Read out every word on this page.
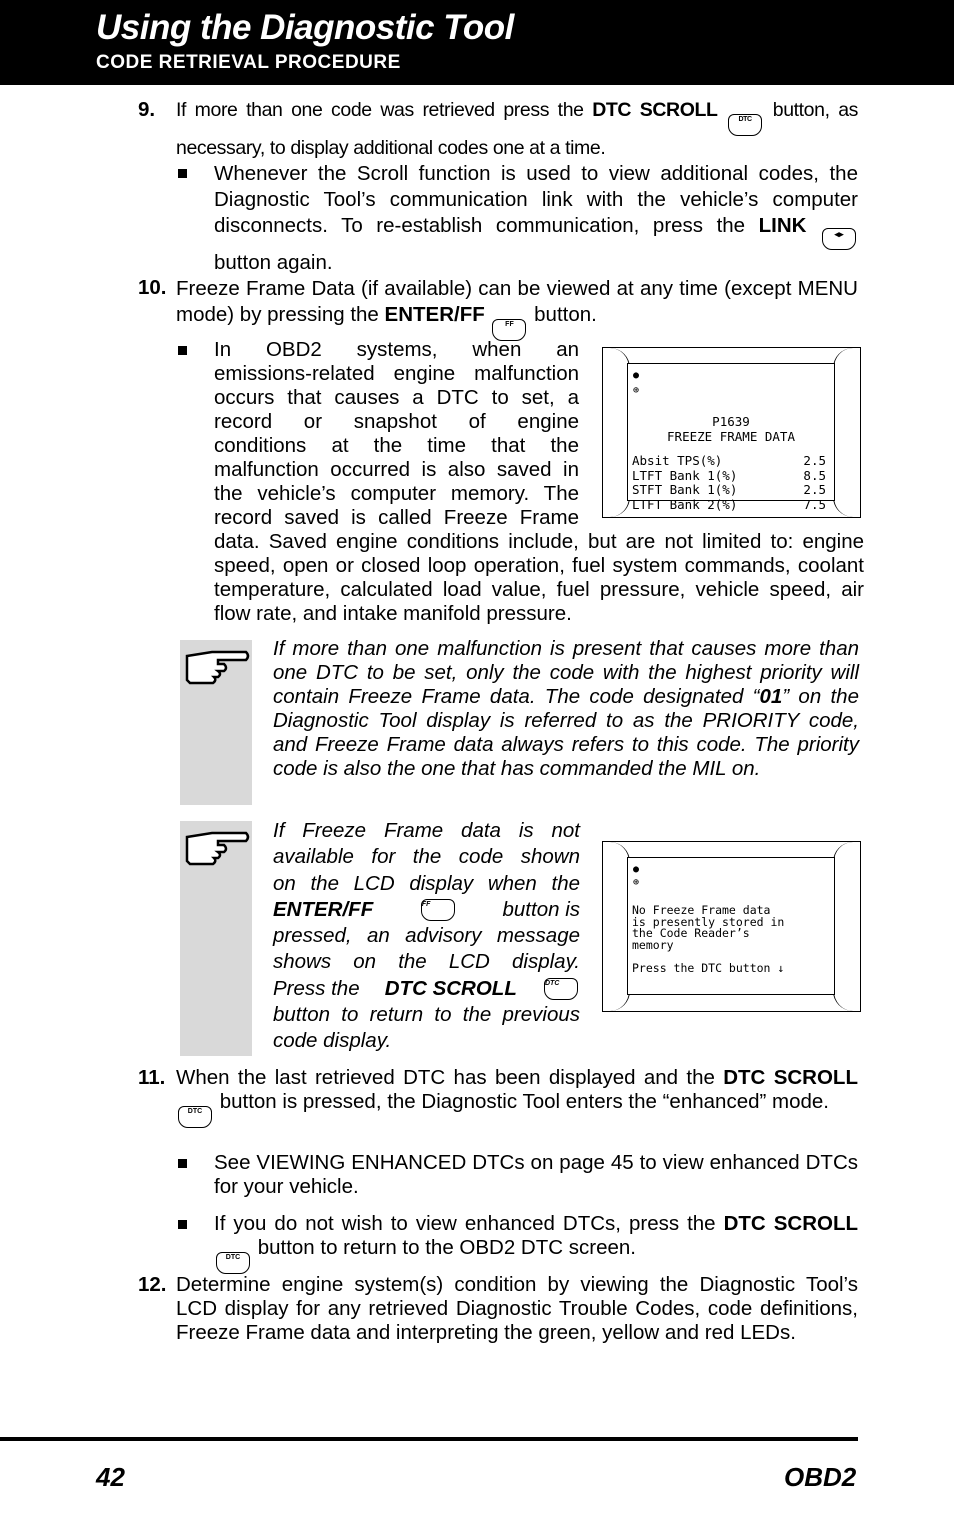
Using the Diagnostic Tool
CODE RETRIEVAL PROCEDURE
9. If more than one code was retrieved press the DTC SCROLL	DTC button, as necessary, to display additional codes one at a time.
Whenever the Scroll function is used to view additional codes, the Diagnostic Tool’s communication link with the vehicle’s computer disconnects. To re-establish communication, press the LINK	◂▸ button again.
10. Freeze Frame Data (if available) can be viewed at any time (except MENU mode) by pressing the ENTER/FF	FF button.
In OBD2 systems, when an
emissions-related engine malfunction
occurs that causes a DTC to set, a
record or snapshot of engine
conditions at the time that the
malfunction occurred is also saved in
the vehicle’s computer memory. The
record saved is called Freeze Frame
data. Saved engine conditions include, but are not limited to: engine speed, open or closed loop operation, fuel system commands, coolant temperature, calculated load value, fuel pressure, vehicle speed, air flow rate, and intake manifold pressure.
●
⊕
P1639
FREEZE FRAME DATA
Absit TPS(%)	2.5
LTFT Bank 1(%)	8.5
STFT Bank 1(%)	2.5
LTFT Bank 2(%)	7.5
If more than one malfunction is present that causes more than one DTC to be set, only the code with the highest priority will contain Freeze Frame data. The code designated “01” on the Diagnostic Tool display is referred to as the PRIORITY code, and Freeze Frame data always refers to this code. The priority code is also the one that has commanded the MIL on.
If Freeze Frame data is not
available for the code shown
on the LCD display when the
ENTER/FF	FF	button is
pressed, an advisory message
shows on the LCD display.
Press the DTC SCROLL	DTC
button to return to the previous
code display.
●
⊕
No Freeze Frame data
is presently stored in
the Code Reader’s
memory
Press the DTC button ↓
11. When the last retrieved DTC has been displayed and the DTC SCROLL DTC button is pressed, the Diagnostic Tool enters the “enhanced” mode.
See VIEWING ENHANCED DTCs on page 45 to view enhanced DTCs for your vehicle.
If you do not wish to view enhanced DTCs, press the DTC SCROLL DTC button to return to the OBD2 DTC screen.
12. Determine engine system(s) condition by viewing the Diagnostic Tool’s LCD display for any retrieved Diagnostic Trouble Codes, code definitions, Freeze Frame data and interpreting the green, yellow and red LEDs.
42	OBD2
